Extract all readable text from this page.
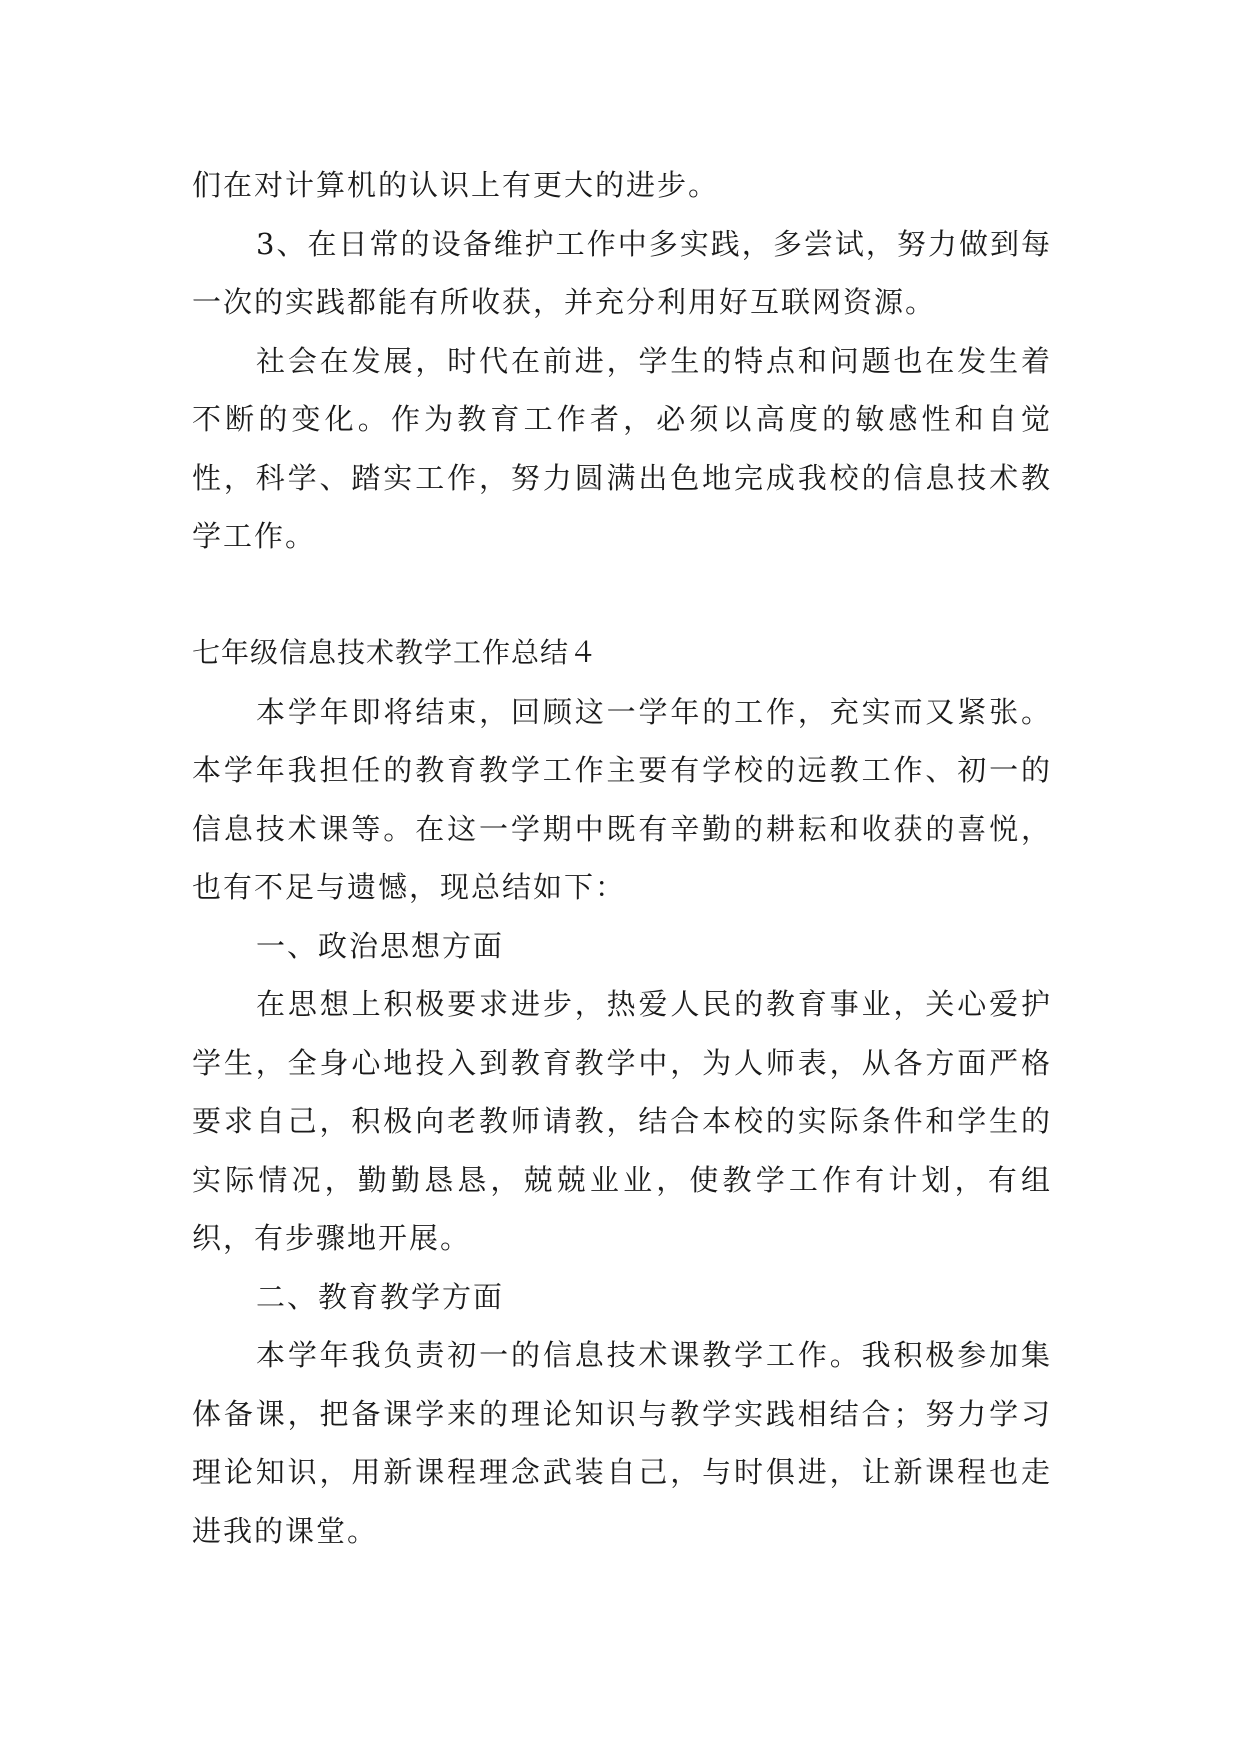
们在对计算机的认识上有更大的进步。

3、在日常的设备维护工作中多实践，多尝试，努力做到每一次的实践都能有所收获，并充分利用好互联网资源。

社会在发展，时代在前进，学生的特点和问题也在发生着不断的变化。作为教育工作者，必须以高度的敏感性和自觉性，科学、踏实工作，努力圆满出色地完成我校的信息技术教学工作。

七年级信息技术教学工作总结４

本学年即将结束，回顾这一学年的工作，充实而又紧张。本学年我担任的教育教学工作主要有学校的远教工作、初一的信息技术课等。在这一学期中既有辛勤的耕耘和收获的喜悦，也有不足与遗憾，现总结如下：

一、政治思想方面

在思想上积极要求进步，热爱人民的教育事业，关心爱护学生，全身心地投入到教育教学中，为人师表，从各方面严格要求自己，积极向老教师请教，结合本校的实际条件和学生的实际情况，勤勤恳恳，兢兢业业，使教学工作有计划，有组织，有步骤地开展。

二、教育教学方面

本学年我负责初一的信息技术课教学工作。我积极参加集体备课，把备课学来的理论知识与教学实践相结合；努力学习理论知识，用新课程理念武装自己，与时俱进，让新课程也走进我的课堂。
